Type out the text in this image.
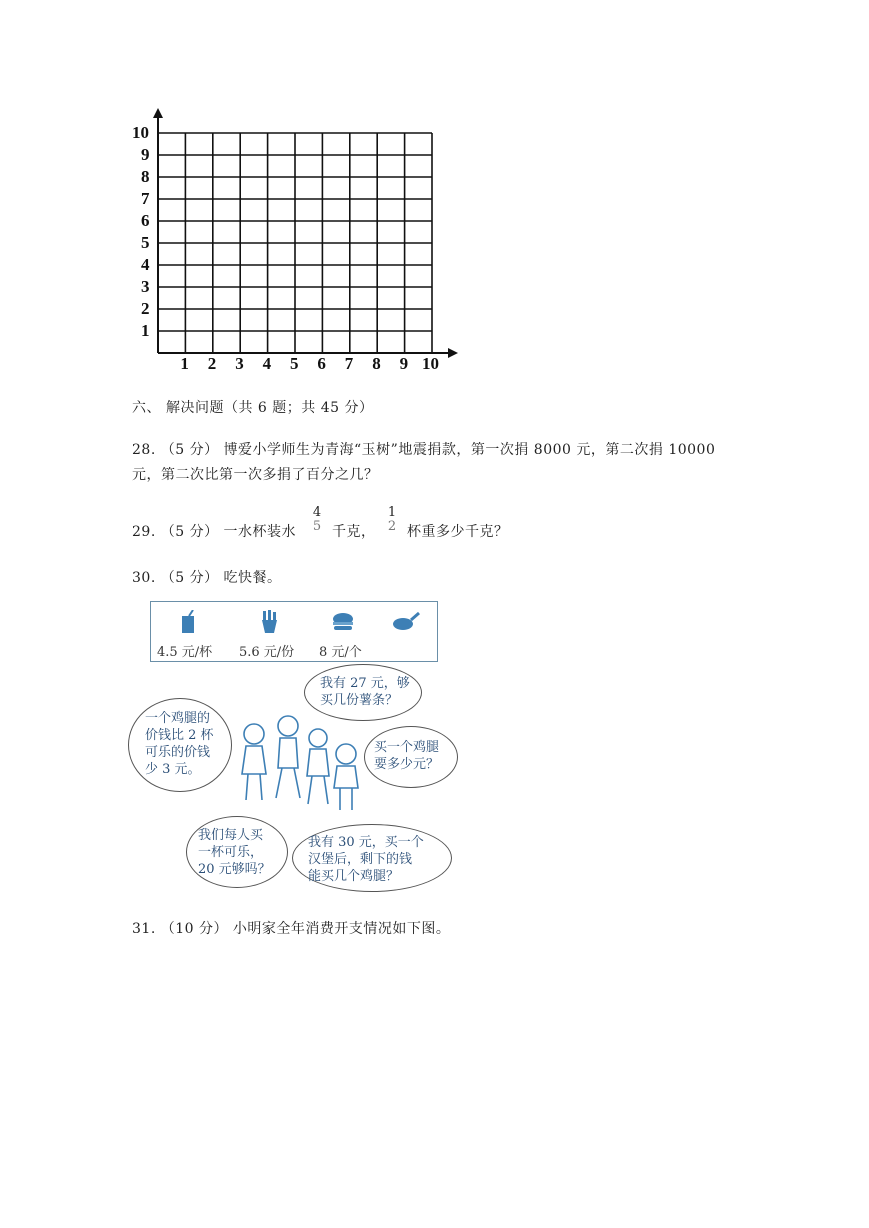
10
9
8
7
6
5
4
3
2
1
1 2 3 4 5 6 7 8 9 10
六、 解决问题（共 6 题；共 45 分）
28. （5 分） 博爱小学师生为青海“玉树”地震捐款，第一次捐 8000 元，第二次捐 10000
元，第二次比第一次多捐了百分之几？
29. （5 分） 一水杯装水
4
5 千克，
1
2 杯重多少千克？
30. （5 分） 吃快餐。
4.5 元/杯 5.6 元/份 8 元/个
一个鸡腿的
价钱比 2 杯
可乐的价钱
少 3 元。
我有 27 元，够
买几份薯条？
买一个鸡腿
要多少元？
我们每人买
一杯可乐，
20 元够吗？
我有 30 元，买一个
汉堡后，剩下的钱
能买几个鸡腿？
31. （10 分） 小明家全年消费开支情况如下图。
